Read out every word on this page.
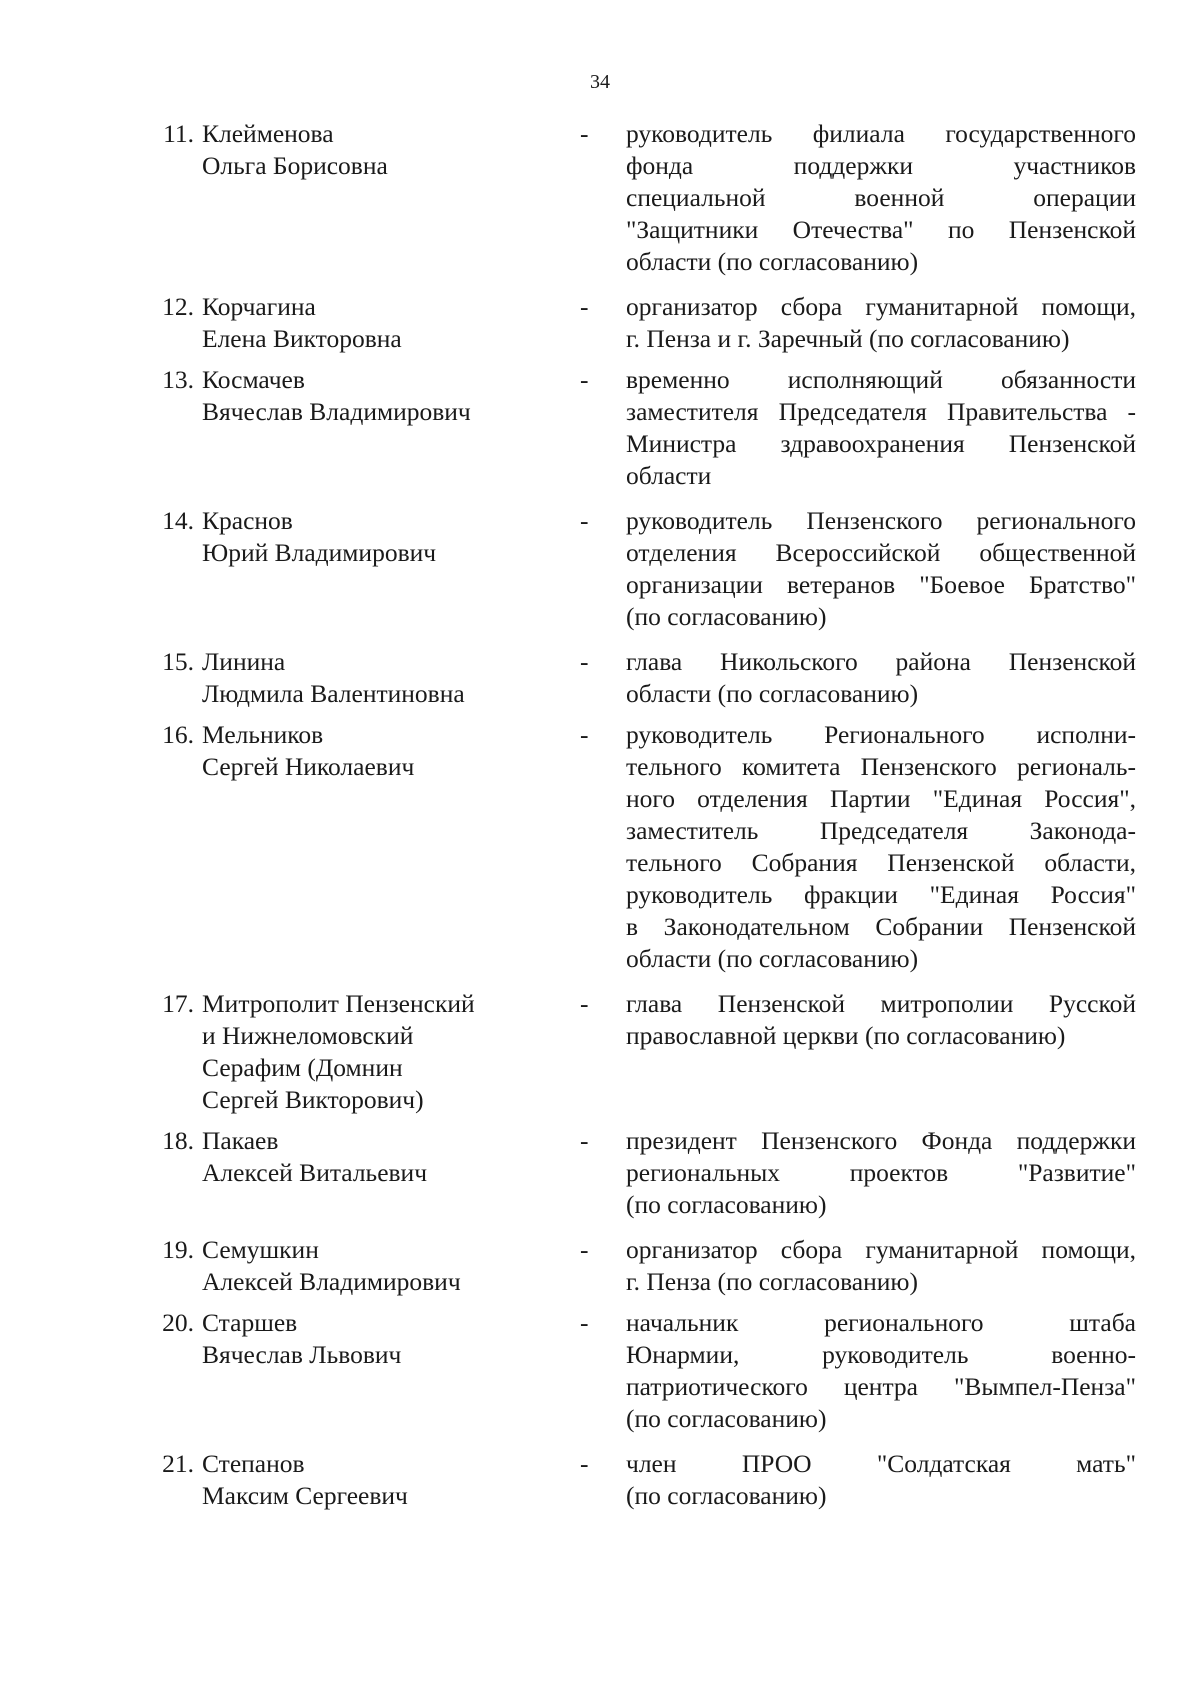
34
11. Клейменова
Ольга Борисовна
-	руководитель филиала государственного
фонда поддержки участников
специальной военной операции
"Защитники Отечества" по Пензенской
области (по согласованию)
12. Корчагина
Елена Викторовна
-	организатор сбора гуманитарной помощи,
г. Пенза и г. Заречный (по согласованию)
13. Космачев
Вячеслав Владимирович
-	временно исполняющий обязанности
заместителя Председателя Правительства -
Министра здравоохранения Пензенской
области
14. Краснов
Юрий Владимирович
-	руководитель Пензенского регионального
отделения Всероссийской общественной
организации ветеранов "Боевое Братство"
(по согласованию)
15. Линина
Людмила Валентиновна
-	глава Никольского района Пензенской
области (по согласованию)
16. Мельников
Сергей Николаевич
-	руководитель Регионального исполни-
тельного комитета Пензенского региональ-
ного отделения Партии "Единая Россия",
заместитель Председателя Законода-
тельного Собрания Пензенской области,
руководитель фракции "Единая Россия"
в Законодательном Собрании Пензенской
области (по согласованию)
17. Митрополит Пензенский
и Нижнеломовский
Серафим (Домнин
Сергей Викторович)
-	глава Пензенской митрополии Русской
православной церкви (по согласованию)
18. Пакаев
Алексей Витальевич
-	президент Пензенского Фонда поддержки
региональных проектов "Развитие"
(по согласованию)
19. Семушкин
Алексей Владимирович
-	организатор сбора гуманитарной помощи,
г. Пенза (по согласованию)
20. Старшев
Вячеслав Львович
-	начальник регионального штаба
Юнармии, руководитель военно-
патриотического центра "Вымпел-Пенза"
(по согласованию)
21. Степанов
Максим Сергеевич
-	член ПРОО "Солдатская мать"
(по согласованию)
